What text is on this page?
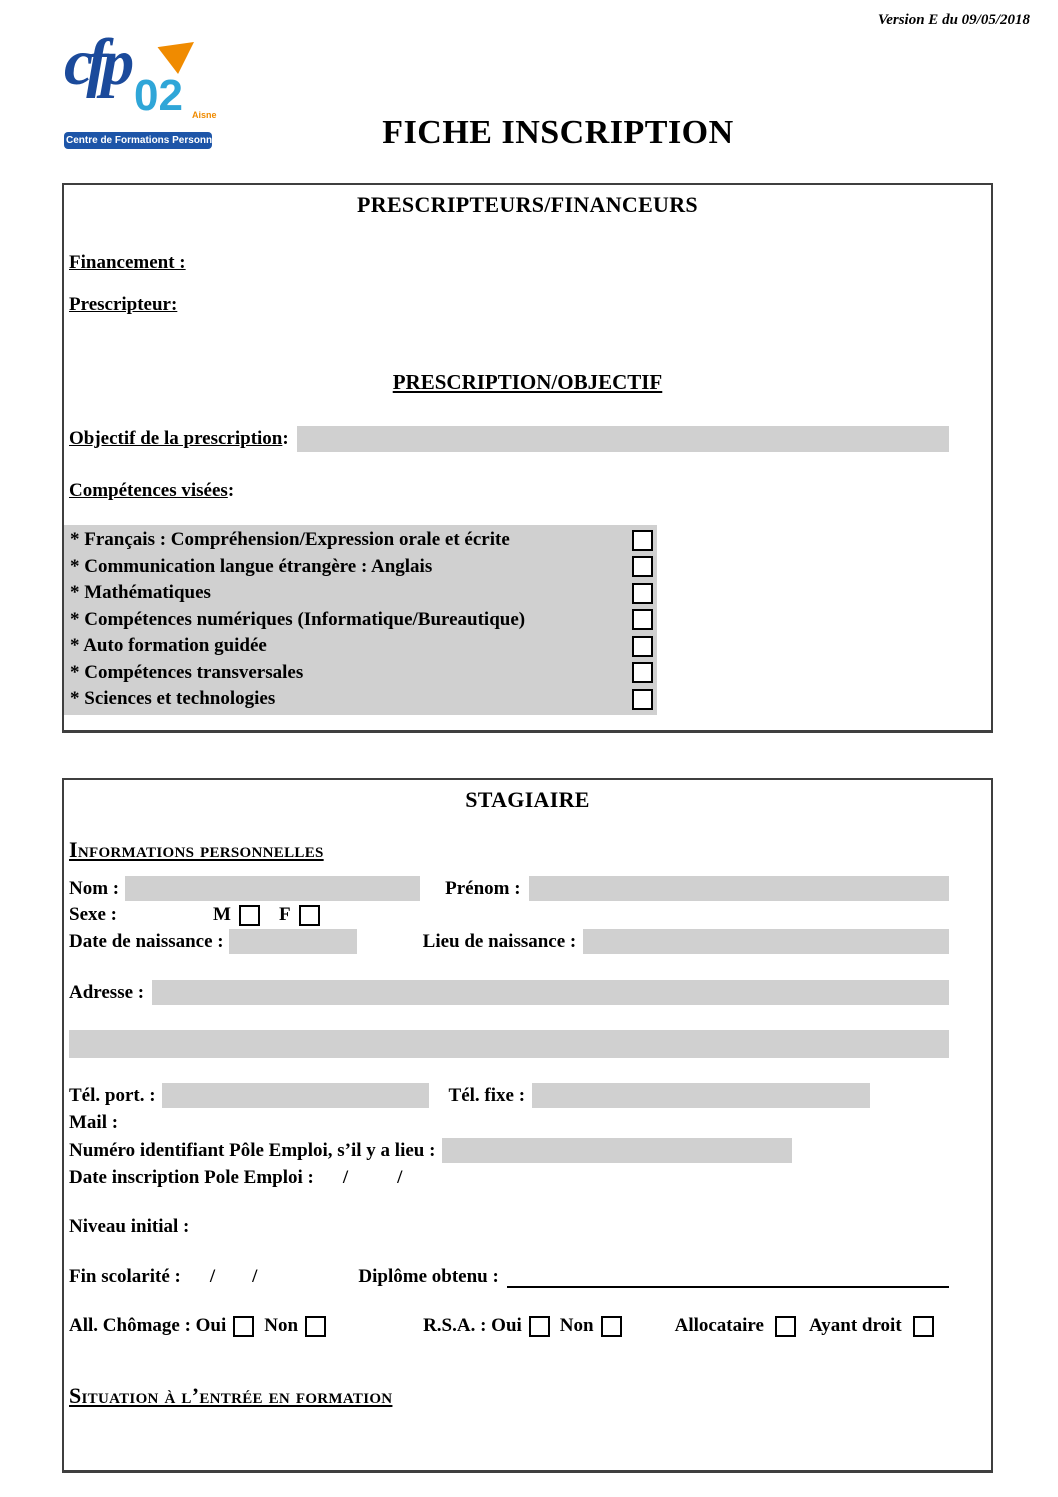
Version E du 09/05/2018
cfp 02 Aisne
Centre de Formations Personnalisées	FICHE INSCRIPTION
PRESCRIPTEURS/FINANCEURS
Financement :
Prescripteur:
PRESCRIPTION/OBJECTIF
Objectif de la prescription :
Compétences visées :
* Français : Compréhension/Expression orale et écrite
* Communication langue étrangère : Anglais
* Mathématiques
* Compétences numériques (Informatique/Bureautique)
* Auto formation guidée
* Compétences transversales
* Sciences et technologies
STAGIAIRE
Informations personnelles
Nom :	Prénom :
Sexe :	M	F
Date de naissance :	Lieu de naissance :
Adresse :
Tél. port. :	Tél. fixe :
Mail :
Numéro identifiant Pôle Emploi, s’il y a lieu :
Date inscription Pole Emploi : /	/
Niveau initial :
Fin scolarité : / /	Diplôme obtenu :
All. Chômage : Oui Non	R.S.A. : Oui Non	Allocataire Ayant droit
Situation à l’entrée en formation
